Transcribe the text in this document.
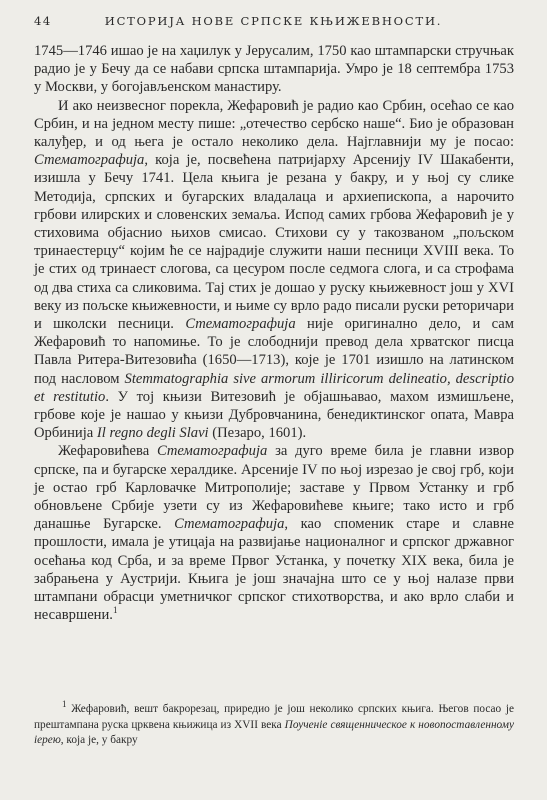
44	ИСТОРИЈА НОВЕ СРПСКЕ КЊИЖЕВНОСТИ.

1745—1746 ишао је на хаџилук у Јерусалим, 1750 као штампарски стручњак радио је у Бечу да се набави српска штампарија. Умро је 18 септембра 1753 у Москви, у богојављенском манастиру.

И ако неизвесног порекла, Жефаровић је радио као Србин, осећао се као Србин, и на једном месту пише: „отечество сербско наше“. Био је образован калуђер, и од њега је остало неколико дела. Најглавнији му је посао: Стематографија, која је, посвећена патријарху Арсенију IV Шакабенти, изишла у Бечу 1741. Цела књига је резана у бакру, и у њој су слике Методија, српских и бугарских владалаца и архиепископа, а нарочито грбови илирских и словенских земаља. Испод самих грбова Жефаровић је у стиховима објаснио њихов смисао. Стихови су у такозваном „пољском тринаестерцу“ којим ће се најрадије служити наши песници XVIII века. То је стих од тринаест слогова, са цесуром после седмога слога, и са строфама од два стиха са сликовима. Тај стих је дошао у руску књижевност још у XVI веку из пољске књижевности, и њиме су врло радо писали руски реторичари и школски песници. Стематографија није оригинално дело, и сам Жефаровић то напомиње. То је слободнији превод дела хрватског писца Павла Ритера-Витезовића (1650—1713), које је 1701 изишло на латинском под насловом Stemmatographia sive armorum illiricorum delineatio, descriptio et restitutio. У тој књизи Витезовић је објашњавао, махом измишљене, грбове које је нашао у књизи Дубровчанина, бенедиктинског опата, Мавра Орбинија Il regno degli Slavi (Пезаро, 1601).

Жефаровићева Стематографија за дуго време била је главни извор српске, па и бугарске хералдике. Арсеније IV по њој изрезао је свој грб, који је остао грб Карловачке Митрополије; заставе у Првом Устанку и грб обновљене Србије узети су из Жефаровићеве књиге; тако исто и грб данашње Бугарске. Стематографија, као споменик старе и славне прошлости, имала је утицаја на развијање националног и српског државног осећања код Срба, и за време Првог Устанка, у почетку XIX века, била је забрањена у Аустрији. Књига је још значајна што се у њој налазе први штампани обрасци уметничког српског стихотворства, и ако врло слаби и несавршени.$^1$

$^1$ Жефаровић, вешт бакрорезац, приредио је још неколико српских књига. Његов посао је прештампана руска црквена књижица из XVII века Поученіе священническое к новопоставленному іерею, која је, у бакру
